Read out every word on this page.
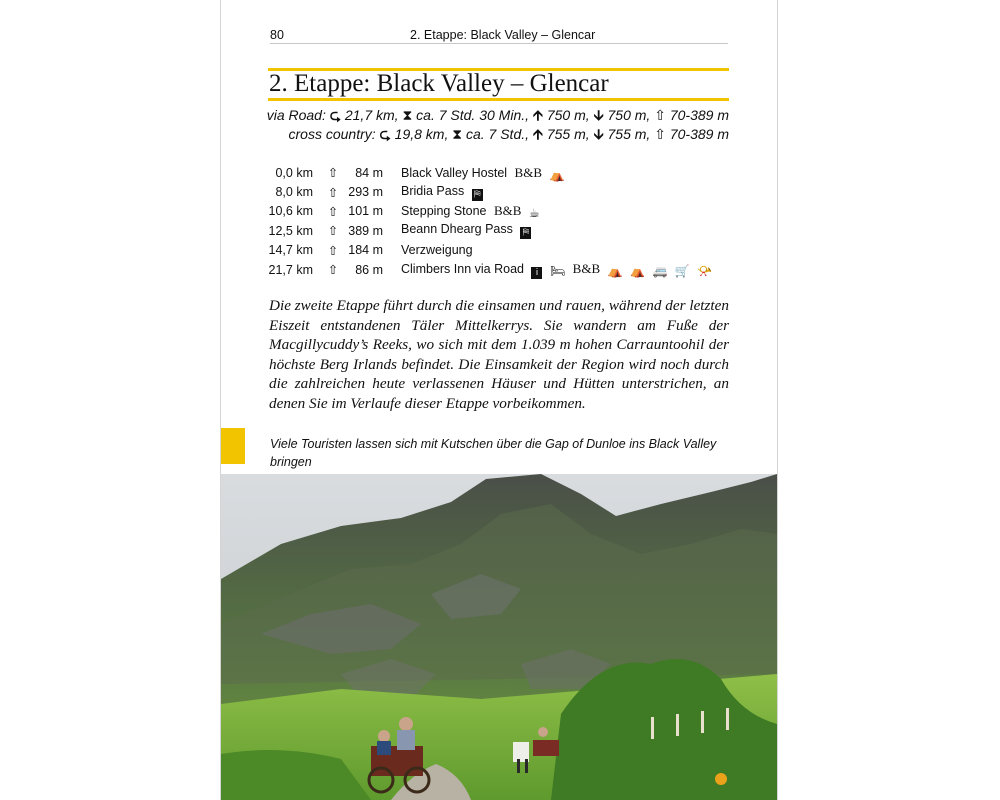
80	2. Etappe: Black Valley – Glencar
2. Etappe: Black Valley – Glencar
via Road: ⮎ 21,7 km, ⧗ ca. 7 Std. 30 Min., 🡩 750 m, 🡫 750 m, ⇧ 70-389 m
cross country: ⮎ 19,8 km, ⧗ ca. 7 Std., 🡩 755 m, 🡫 755 m, ⇧ 70-389 m
0,0 km	⇧	84 m	Black Valley Hostel B&B ⛺
8,0 km	⇧	293 m	Bridia Pass ⛿
10,6 km	⇧	101 m	Stepping Stone B&B ☕
12,5 km	⇧	389 m	Beann Dhearg Pass ⛿
14,7 km	⇧	184 m	Verzweigung
21,7 km	⇧	86 m	Climbers Inn via Road i 🛏 B&B ⛺ ⛺ 🚐 🛒 📯

Die zweite Etappe führt durch die einsamen und rauen, während der letzten Eiszeit entstandenen Täler Mittelkerrys. Sie wandern am Fuße der Macgillycuddy’s Reeks, wo sich mit dem 1.039 m hohen Carrauntoohil der höchste Berg Irlands befindet. Die Einsamkeit der Region wird noch durch die zahlreichen heute verlassenen Häuser und Hütten unterstrichen, an denen Sie im Verlaufe dieser Etappe vorbeikommen.

Viele Touristen lassen sich mit Kutschen über die Gap of Dunloe ins Black Valley bringen
